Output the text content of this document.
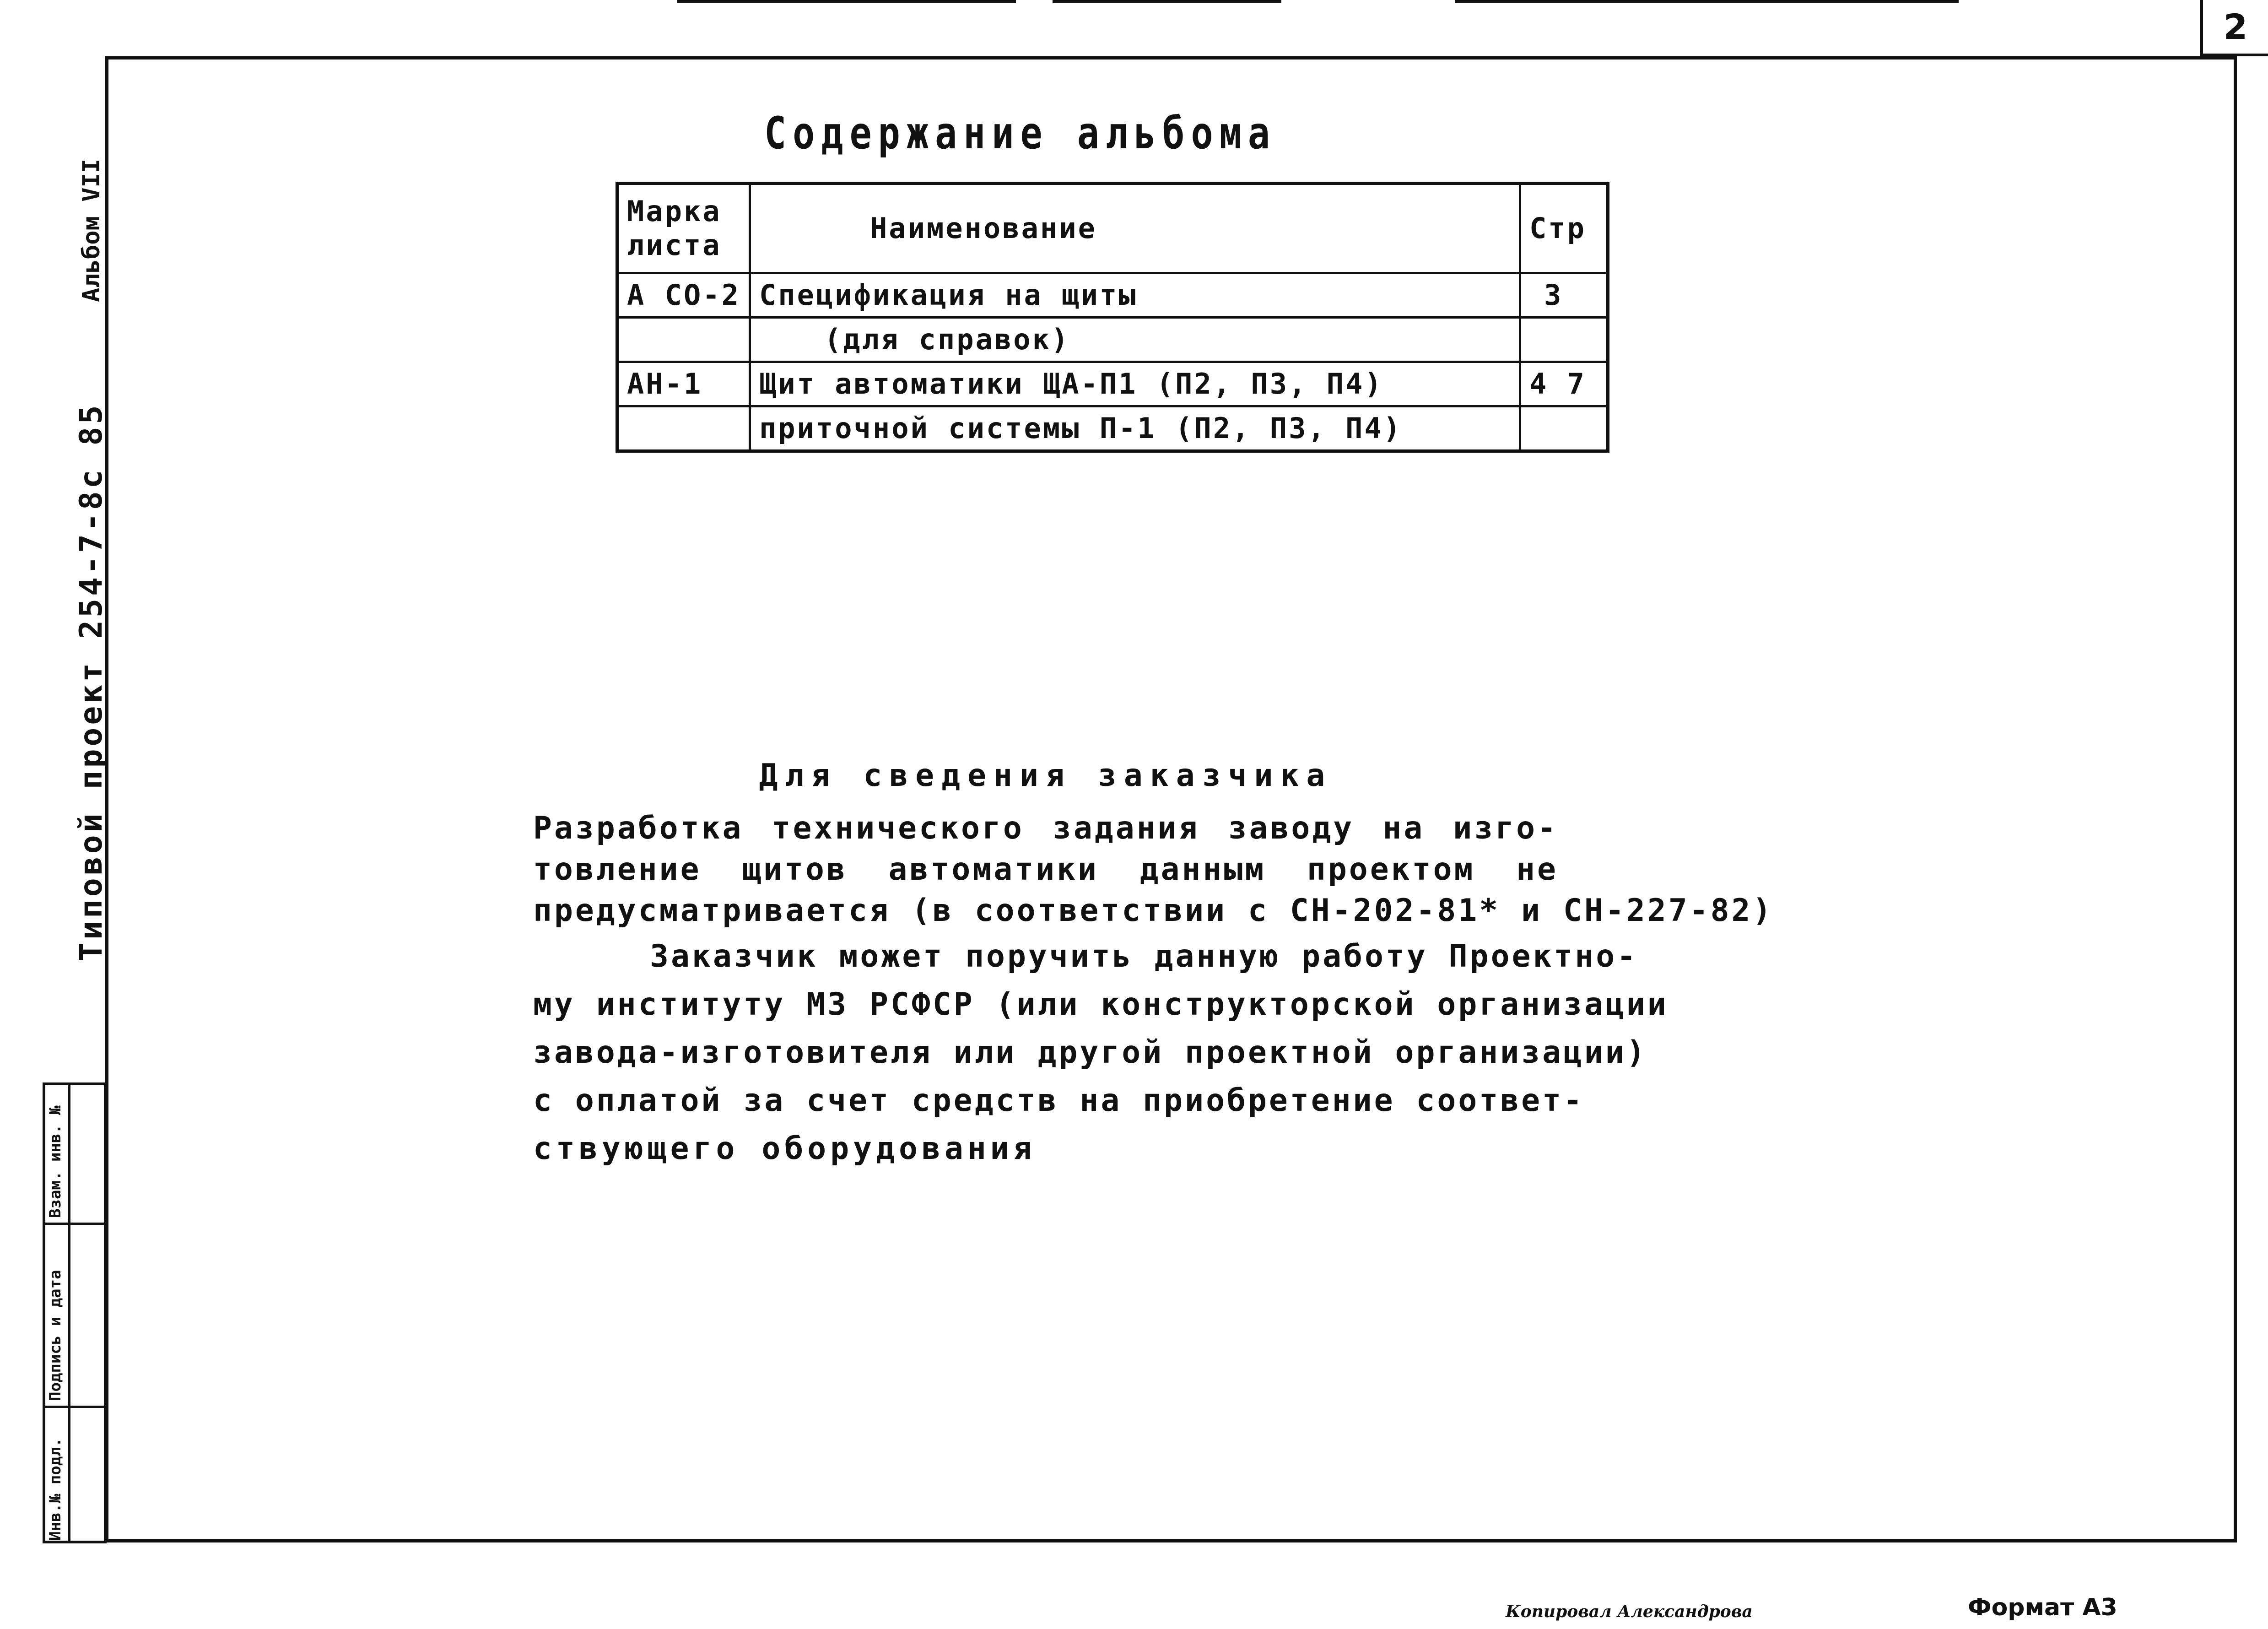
2
Содержание альбома
Марка листа	Наименование	Стр
А СО-2	Спецификация на щиты	3
	(для справок)	
АН-1	Щит автоматики ЩА-П1 (П2, П3, П4)	4 7
	приточной системы П-1 (П2, П3, П4)	
Для сведения заказчика
Разработка технического задания заводу на изго-
товление щитов автоматики данным проектом не
предусматривается (в соответствии с СН-202-81* и СН-227-82)
Заказчик может поручить данную работу Проектно-
му институту МЗ РСФСР (или конструкторской организации
завода-изготовителя или другой проектной организации)
с оплатой за счет средств на приобретение соответ-
ствующего оборудования
Альбом VII
Типовой проект 254-7-8с 85
Инв.№ подл.
Подпись и дата
Взам. инв. №
Копировал Александрова	Формат А3
